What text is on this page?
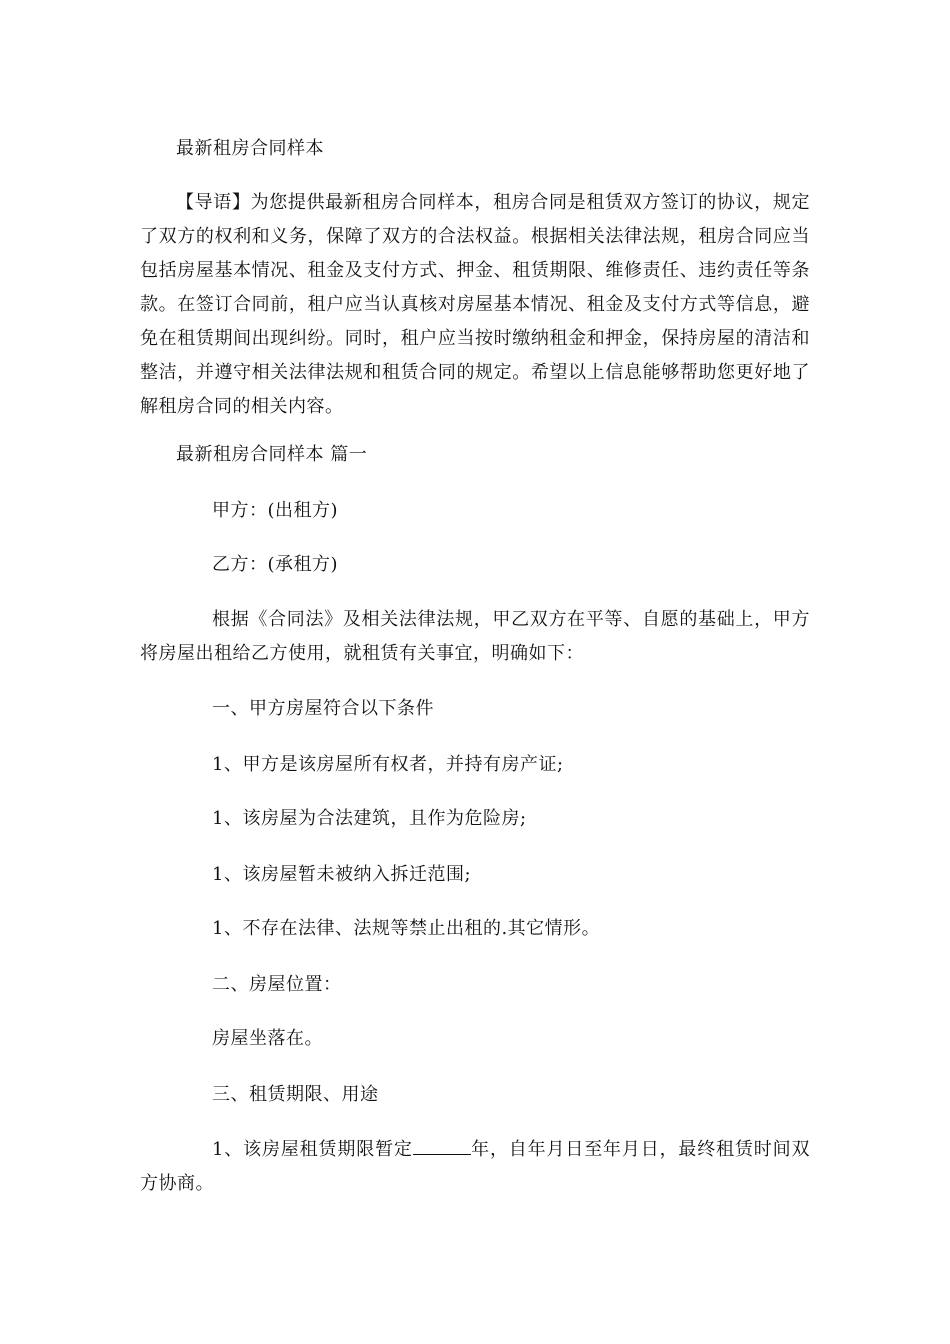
最新租房合同样本
【导语】为您提供最新租房合同样本，租房合同是租赁双方签订的协议，规定了双方的权利和义务，保障了双方的合法权益。根据相关法律法规，租房合同应当包括房屋基本情况、租金及支付方式、押金、租赁期限、维修责任、违约责任等条款。在签订合同前，租户应当认真核对房屋基本情况、租金及支付方式等信息，避免在租赁期间出现纠纷。同时，租户应当按时缴纳租金和押金，保持房屋的清洁和整洁，并遵守相关法律法规和租赁合同的规定。希望以上信息能够帮助您更好地了解租房合同的相关内容。
最新租房合同样本 篇一
甲方：(出租方)
乙方：(承租方)
根据《合同法》及相关法律法规，甲乙双方在平等、自愿的基础上，甲方将房屋出租给乙方使用，就租赁有关事宜，明确如下：
一、甲方房屋符合以下条件
1、甲方是该房屋所有权者，并持有房产证;
1、该房屋为合法建筑，且作为危险房;
1、该房屋暂未被纳入拆迁范围;
1、不存在法律、法规等禁止出租的.其它情形。
二、房屋位置：
房屋坐落在。
三、租赁期限、用途
1、该房屋租赁期限暂定	年，自年月日至年月日，最终租赁时间双方协商。
